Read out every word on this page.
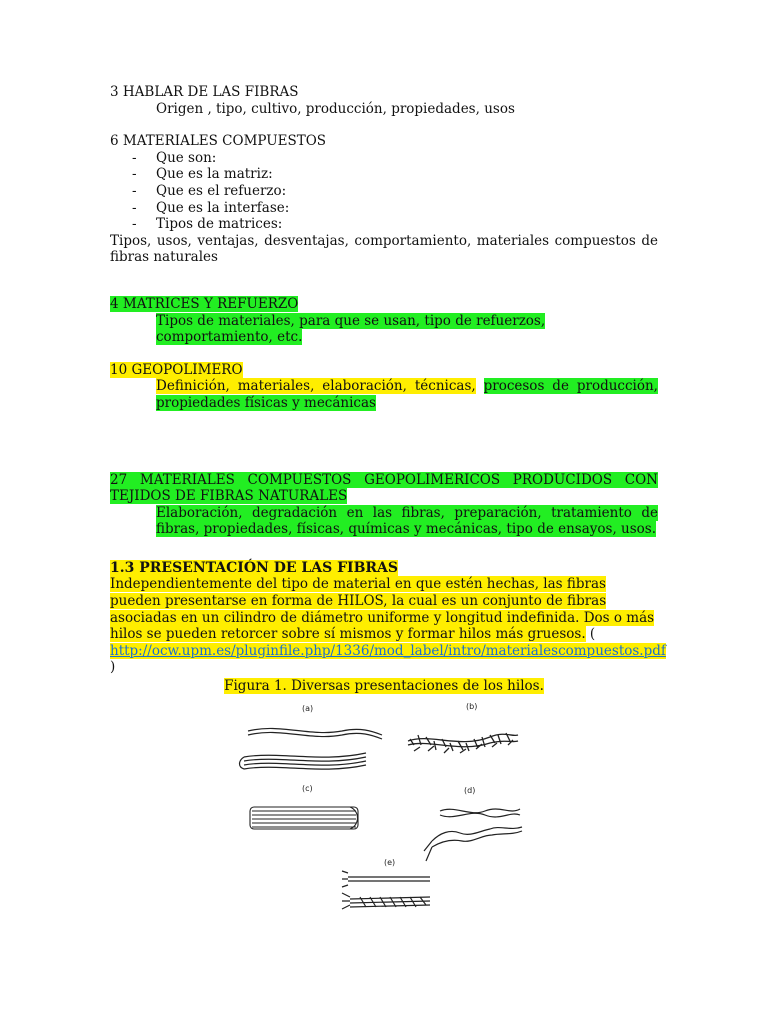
3 HABLAR DE LAS FIBRAS

Origen , tipo, cultivo, producción, propiedades, usos

6 MATERIALES COMPUESTOS

-	Que son:
-	Que es la matriz:
-	Que es el refuerzo:
-	Que es la interfase:
-	Tipos de matrices:

Tipos, usos, ventajas, desventajas, comportamiento, materiales compuestos de fibras naturales

4 MATRICES Y REFUERZO

Tipos de materiales, para que se usan, tipo de refuerzos, comportamiento, etc.

10 GEOPOLIMERO

Definición, materiales, elaboración, técnicas, procesos de producción, propiedades físicas y mecánicas

27 MATERIALES COMPUESTOS GEOPOLIMERICOS PRODUCIDOS CON TEJIDOS DE FIBRAS NATURALES

Elaboración, degradación en las fibras, preparación, tratamiento de fibras, propiedades, físicas, químicas y mecánicas, tipo de ensayos, usos.

1.3 PRESENTACIÓN DE LAS FIBRAS

Independientemente del tipo de material en que estén hechas, las fibras pueden presentarse en forma de HILOS, la cual es un conjunto de fibras asociadas en un cilindro de diámetro uniforme y longitud indefinida. Dos o más hilos se pueden retorcer sobre sí mismos y formar hilos más gruesos. ( http://ocw.upm.es/pluginfile.php/1336/mod_label/intro/materialescompuestos.pdf )

Figura 1. Diversas presentaciones de los hilos.

(a)	(b)
(c)	(d)
(e)
